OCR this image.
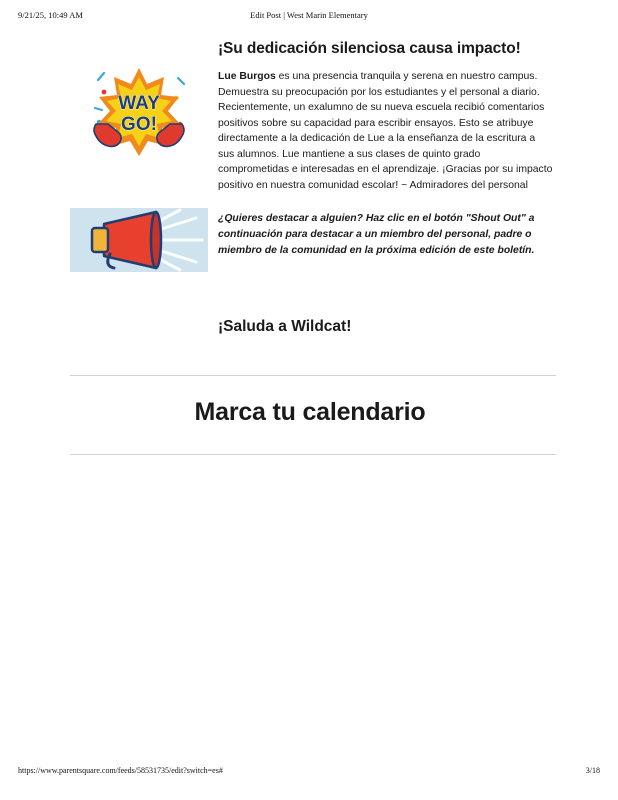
9/21/25, 10:49 AM	Edit Post | West Marin Elementary
WAY
GO!
¡Su dedicación silenciosa causa impacto!
Lue Burgos es una presencia tranquila y serena en nuestro campus. Demuestra su preocupación por los estudiantes y el personal a diario. Recientemente, un exalumno de su nueva escuela recibió comentarios positivos sobre su capacidad para escribir ensayos. Esto se atribuye directamente a la dedicación de Lue a la enseñanza de la escritura a sus alumnos. Lue mantiene a sus clases de quinto grado comprometidas e interesadas en el aprendizaje. ¡Gracias por su impacto positivo en nuestra comunidad escolar! ~ Admiradores del personal
¿Quieres destacar a alguien? Haz clic en el botón "Shout Out" a continuación para destacar a un miembro del personal, padre o miembro de la comunidad en la próxima edición de este boletín.
¡Saluda a Wildcat!
Marca tu calendario
https://www.parentsquare.com/feeds/58531735/edit?switch=es#	3/18
